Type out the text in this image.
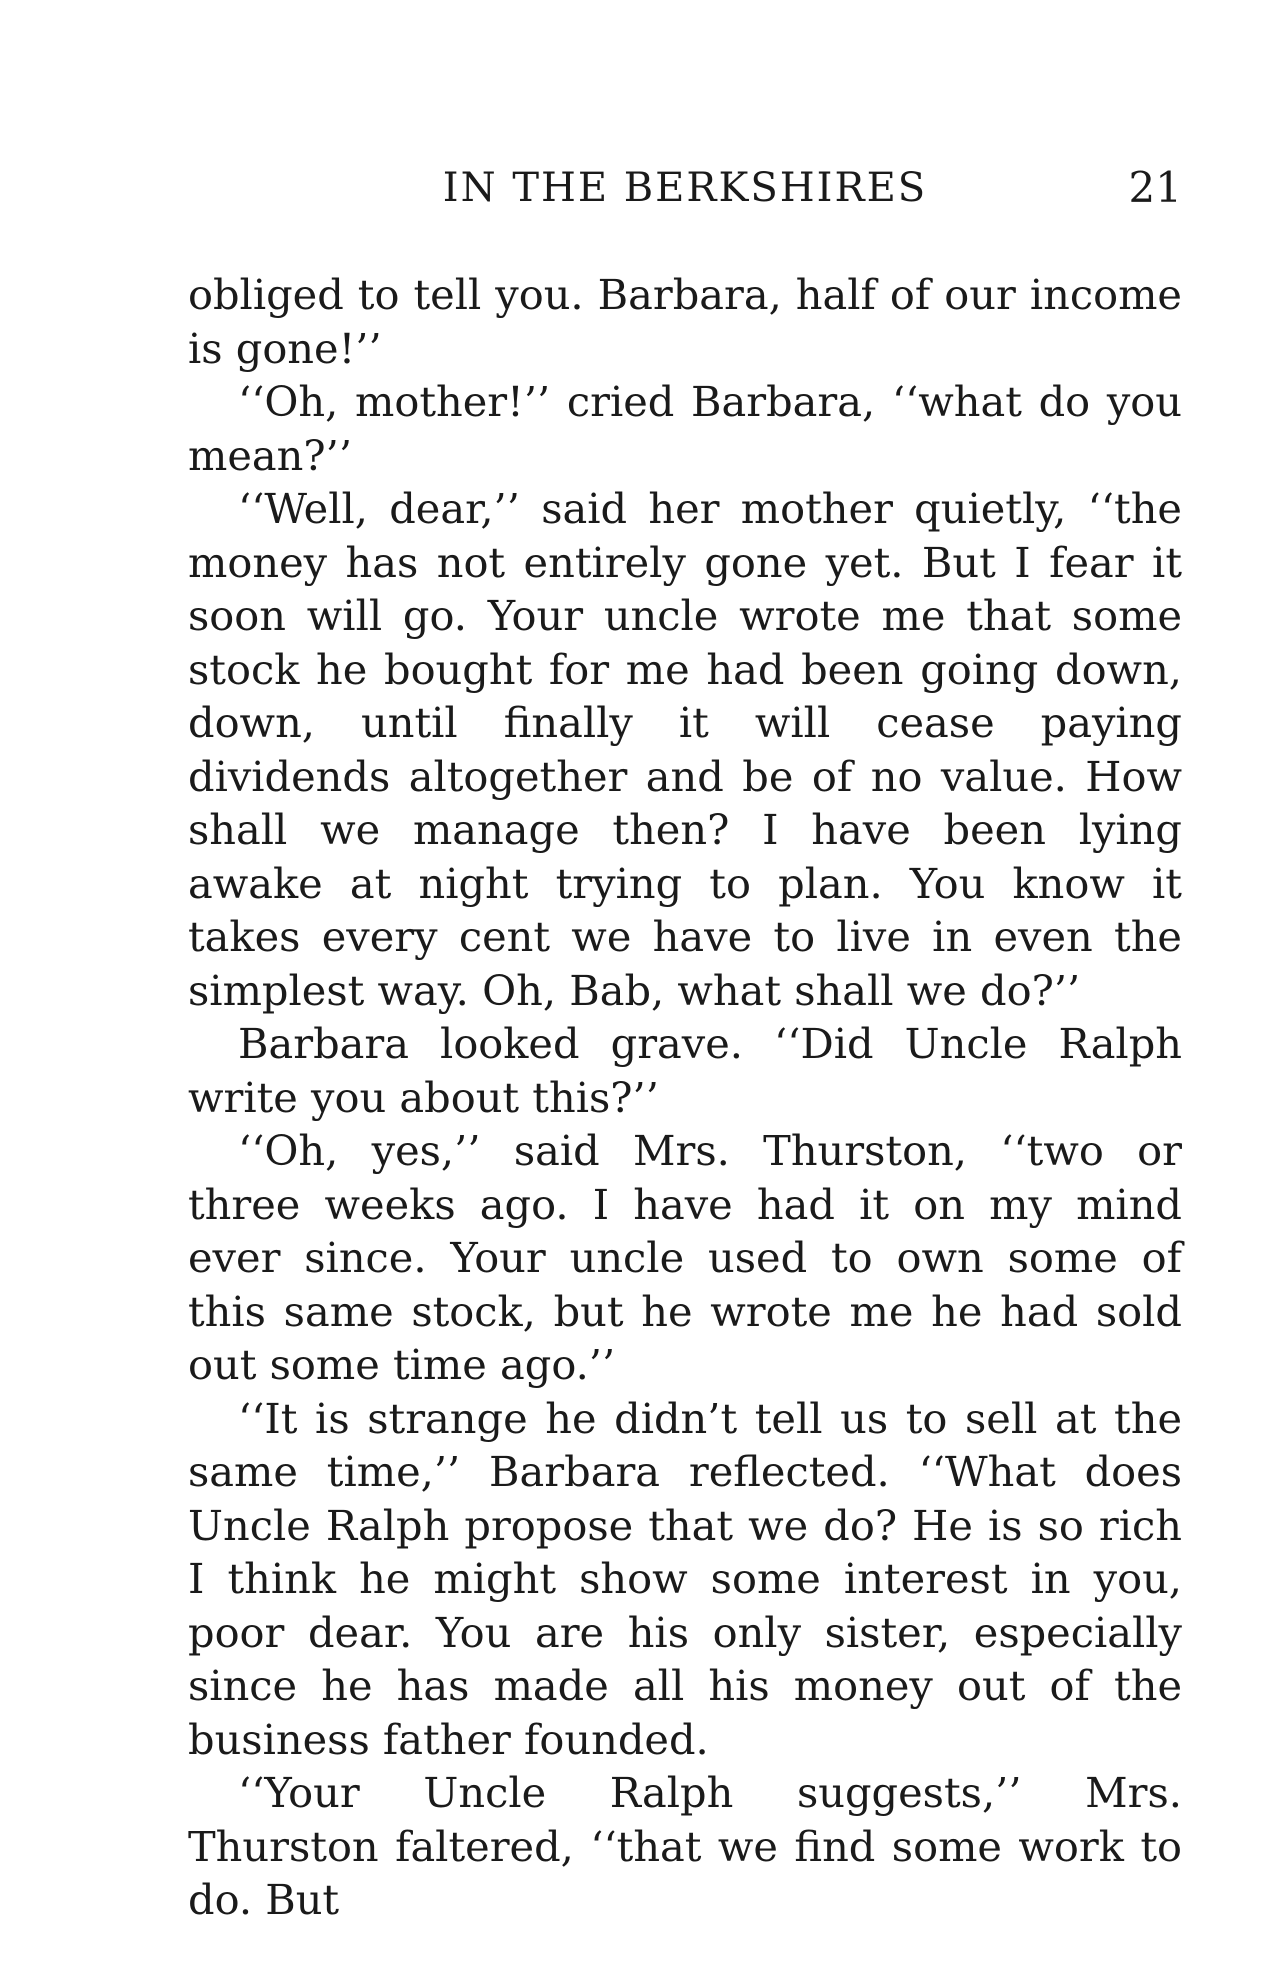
IN THE BERKSHIRES	21

obliged to tell you. Barbara, half of our income is gone!’’

‘‘Oh, mother!’’ cried Barbara, ‘‘what do you mean?’’

‘‘Well, dear,’’ said her mother quietly, ‘‘the money has not entirely gone yet. But I fear it soon will go. Your uncle wrote me that some stock he bought for me had been going down, down, until finally it will cease paying dividends altogether and be of no value. How shall we manage then? I have been lying awake at night trying to plan. You know it takes every cent we have to live in even the simplest way. Oh, Bab, what shall we do?’’

Barbara looked grave. ‘‘Did Uncle Ralph write you about this?’’

‘‘Oh, yes,’’ said Mrs. Thurston, ‘‘two or three weeks ago. I have had it on my mind ever since. Your uncle used to own some of this same stock, but he wrote me he had sold out some time ago.’’

‘‘It is strange he didn’t tell us to sell at the same time,’’ Barbara reflected. ‘‘What does Uncle Ralph propose that we do? He is so rich I think he might show some interest in you, poor dear. You are his only sister, especially since he has made all his money out of the business father founded.

‘‘Your Uncle Ralph suggests,’’ Mrs. Thurston faltered, ‘‘that we find some work to do. But
